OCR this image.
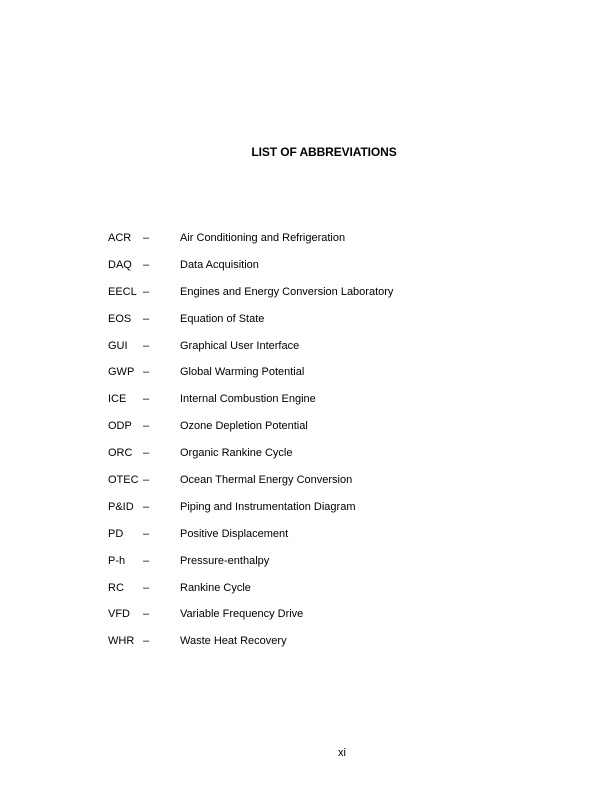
LIST OF ABBREVIATIONS
ACR –	Air Conditioning and Refrigeration
DAQ –	Data Acquisition
EECL –	Engines and Energy Conversion Laboratory
EOS –	Equation of State
GUI –	Graphical User Interface
GWP –	Global Warming Potential
ICE –	Internal Combustion Engine
ODP –	Ozone Depletion Potential
ORC –	Organic Rankine Cycle
OTEC –	Ocean Thermal Energy Conversion
P&ID –	Piping and Instrumentation Diagram
PD –	Positive Displacement
P-h –	Pressure-enthalpy
RC –	Rankine Cycle
VFD –	Variable Frequency Drive
WHR –	Waste Heat Recovery
xi
